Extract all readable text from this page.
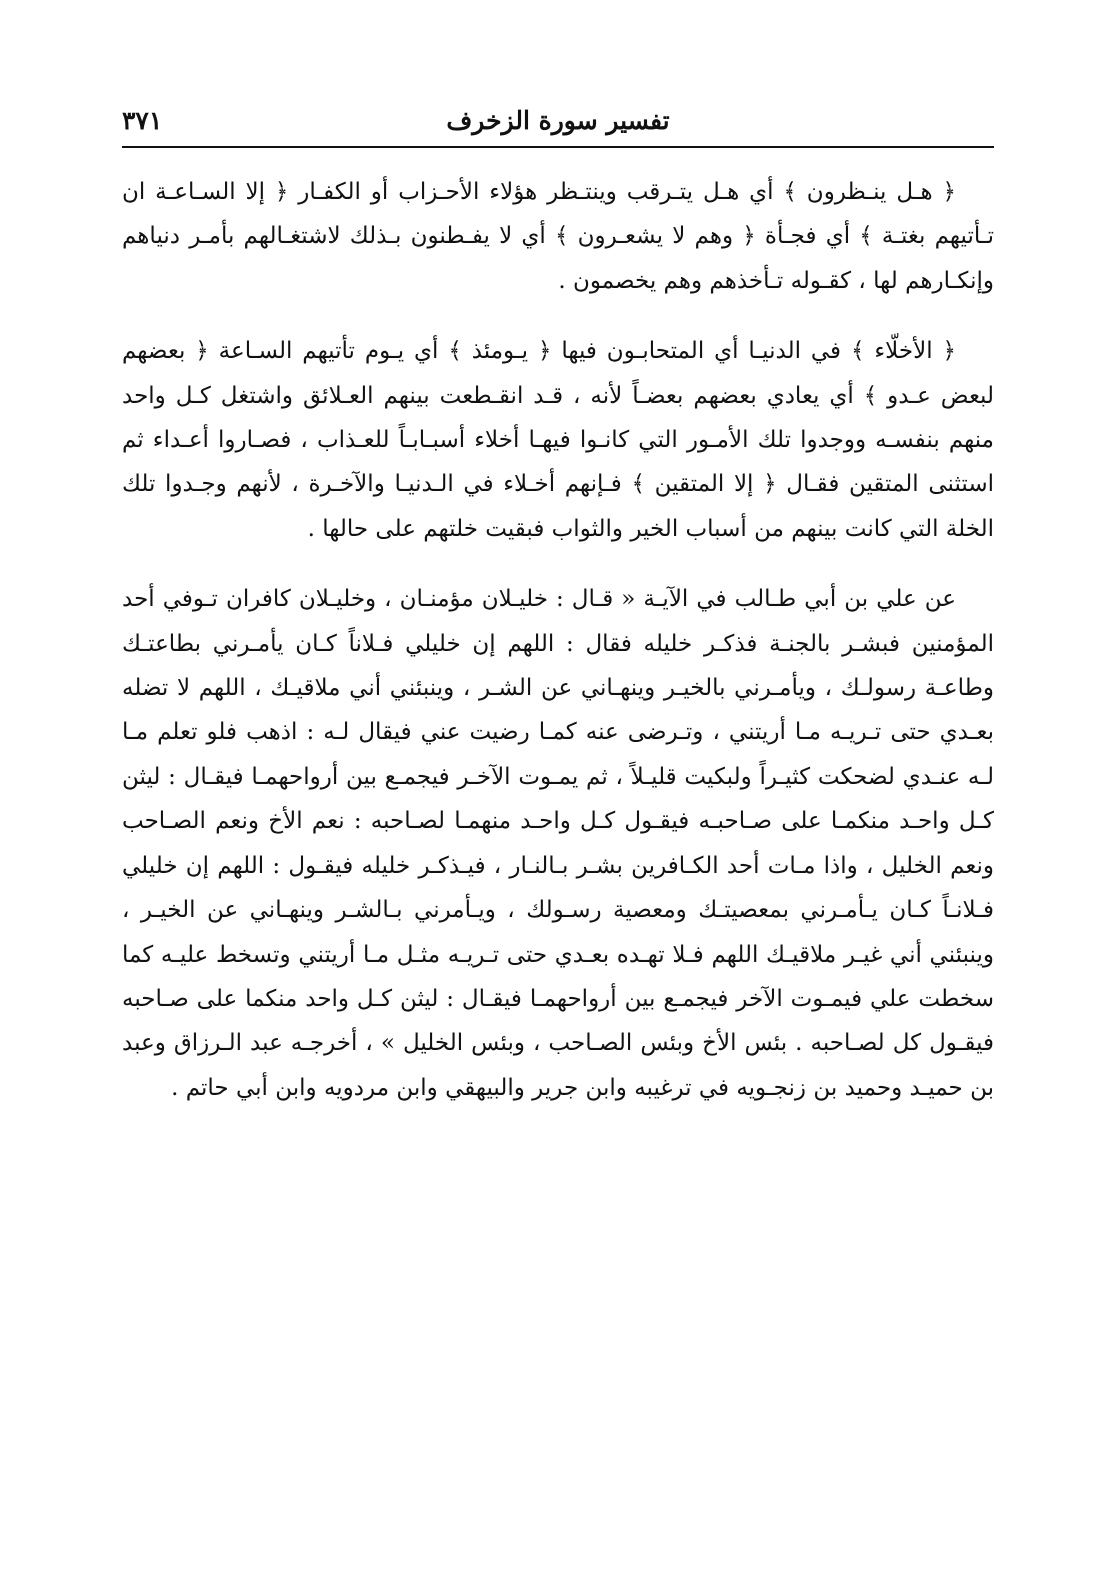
تفسير سورة الزخرف
٣٧١

﴿ هـل ينـظرون ﴾ أي هـل يتـرقب وينتـظر هؤلاء الأحـزاب أو الكفـار ﴿ إلا السـاعـة ان تـأتيهم بغتـة ﴾ أي فجـأة ﴿ وهم لا يشعـرون ﴾ أي لا يفـطنون بـذلك لاشتغـالهم بأمـر دنياهم وإنكـارهم لها ، كقـوله تـأخذهم وهم يخصمون .

﴿ الأخلّاء ﴾ في الدنيـا أي المتحابـون فيها ﴿ يـومئذ ﴾ أي يـوم تأتيهم السـاعة ﴿ بعضهم لبعض عـدو ﴾ أي يعادي بعضهم بعضـاً لأنه ، قـد انقـطعت بينهم العـلائق واشتغل كـل واحد منهم بنفسـه ووجدوا تلك الأمـور التي كانـوا فيهـا أخلاء أسبـابـاً للعـذاب ، فصـاروا أعـداء ثم استثنى المتقين فقـال ﴿ إلا المتقين ﴾ فـإنهم أخـلاء في الـدنيـا والآخـرة ، لأنهم وجـدوا تلك الخلة التي كانت بينهم من أسباب الخير والثواب فبقيت خلتهم على حالها .

عن علي بن أبي طـالب في الآيـة « قـال : خليـلان مؤمنـان ، وخليـلان كافران تـوفي أحد المؤمنين فبشـر بالجنـة فذكـر خليله فقال : اللهم إن خليلي فـلاناً كـان يأمـرني بطاعتـك وطاعـة رسولـك ، ويأمـرني بالخيـر وينهـاني عن الشـر ، وينبئني أني ملاقيـك ، اللهم لا تضله بعـدي حتى تـريـه مـا أريتني ، وتـرضى عنه كمـا رضيت عني فيقال لـه : اذهب فلو تعلم مـا لـه عنـدي لضحكت كثيـراً ولبكيت قليـلاً ، ثم يمـوت الآخـر فيجمـع بين أرواحهمـا فيقـال : ليثن كـل واحـد منكمـا على صـاحبـه فيقـول كـل واحـد منهمـا لصـاحبه : نعم الأخ ونعم الصـاحب ونعم الخليل ، واذا مـات أحد الكـافرين بشـر بـالنـار ، فيـذكـر خليله فيقـول : اللهم إن خليلي فـلانـاً كـان يـأمـرني بمعصيتـك ومعصية رسـولك ، ويـأمرني بـالشـر وينهـاني عن الخيـر ، وينبئني أني غيـر ملاقيـك اللهم فـلا تهـده بعـدي حتى تـريـه مثـل مـا أريتني وتسخط عليـه كما سخطت علي فيمـوت الآخر فيجمـع بين أرواحهمـا فيقـال : ليثن كـل واحد منكما على صـاحبه فيقـول كل لصـاحبه . بئس الأخ وبئس الصـاحب ، وبئس الخليل » ، أخرجـه عبد الـرزاق وعبد بن حميـد وحميد بن زنجـويه في ترغيبه وابن جرير والبيهقي وابن مردويه وابن أبي حاتم .
